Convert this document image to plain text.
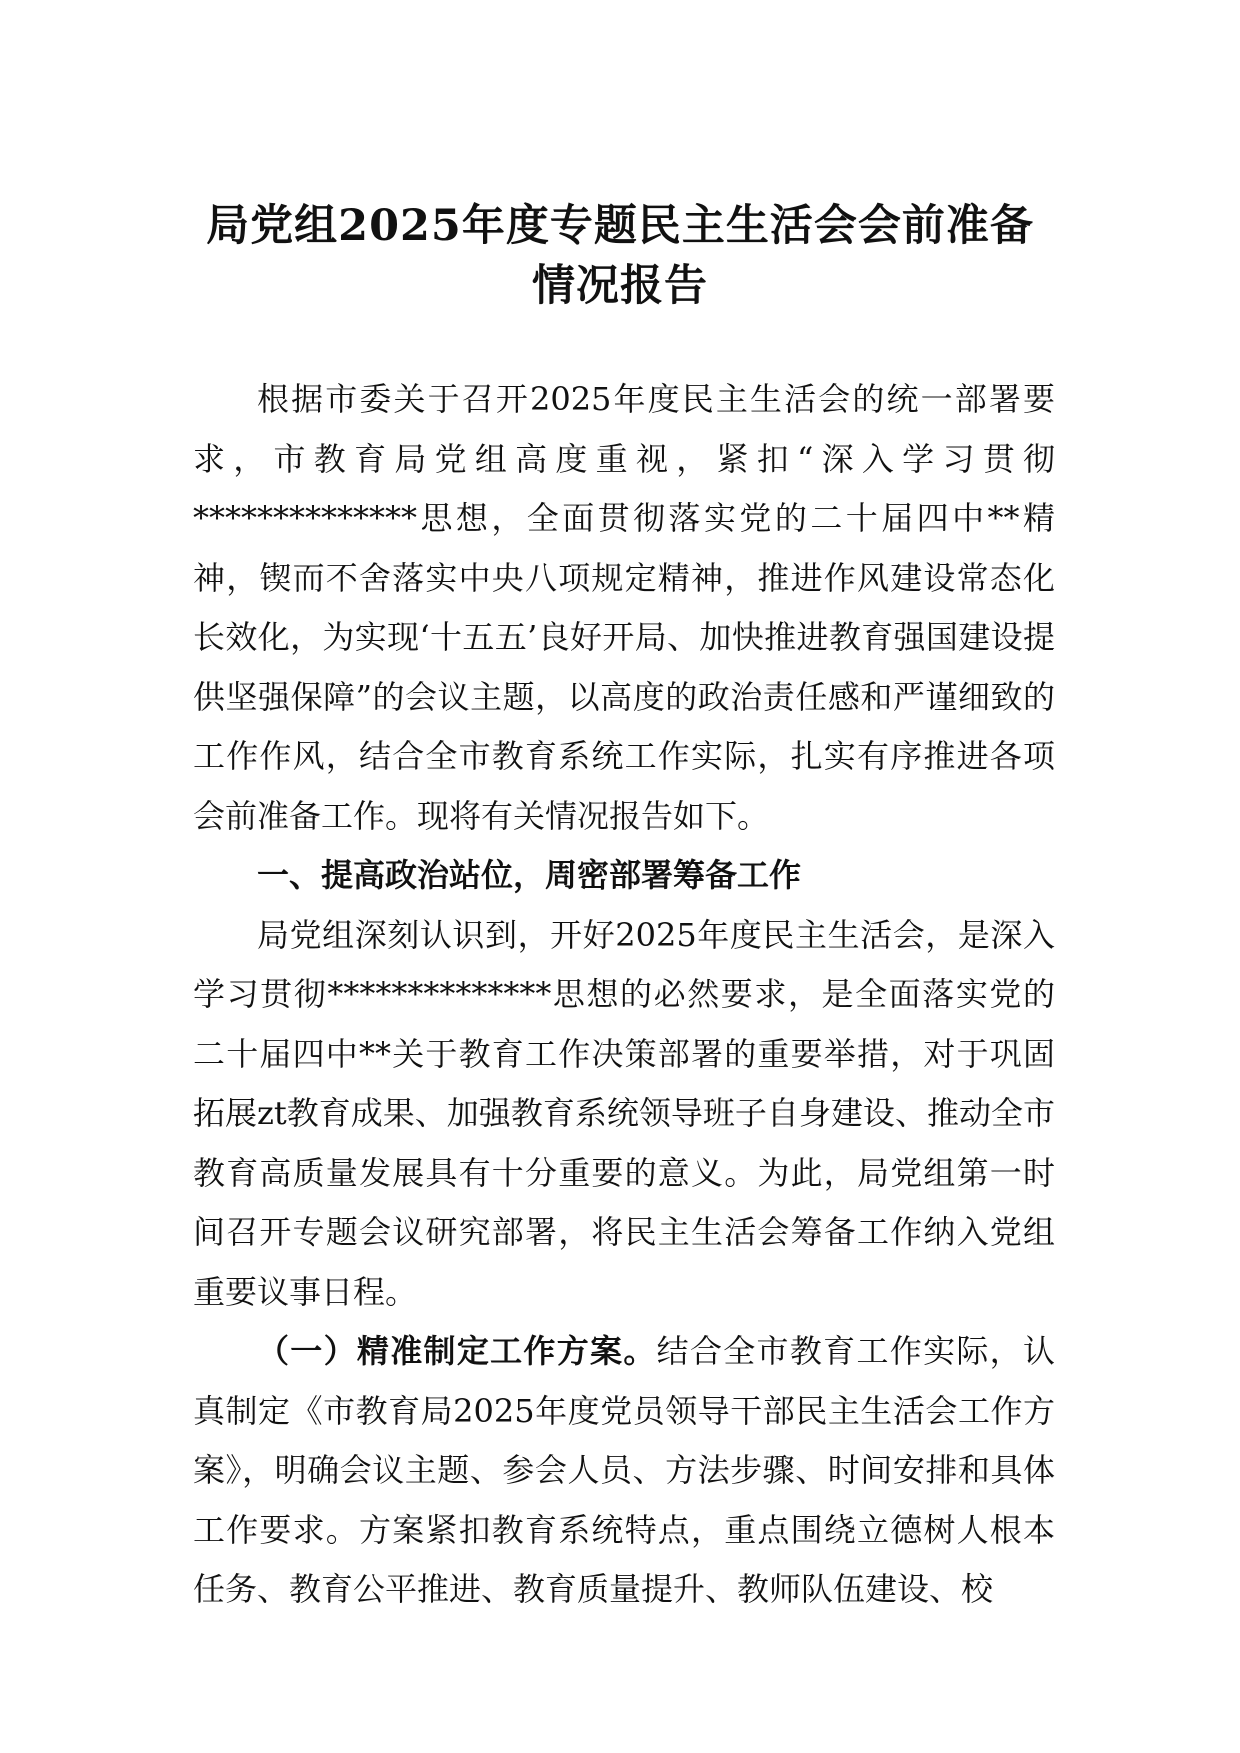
局党组2025年度专题民主生活会会前准备
情况报告

根据市委关于召开2025年度民主生活会的统一部署要求，市教育局党组高度重视，紧扣“深入学习贯彻**************思想，全面贯彻落实党的二十届四中**精神，锲而不舍落实中央八项规定精神，推进作风建设常态化长效化，为实现‘十五五’良好开局、加快推进教育强国建设提供坚强保障”的会议主题，以高度的政治责任感和严谨细致的工作作风，结合全市教育系统工作实际，扎实有序推进各项会前准备工作。现将有关情况报告如下。

一、提高政治站位，周密部署筹备工作

局党组深刻认识到，开好2025年度民主生活会，是深入学习贯彻**************思想的必然要求，是全面落实党的二十届四中**关于教育工作决策部署的重要举措，对于巩固拓展zt教育成果、加强教育系统领导班子自身建设、推动全市教育高质量发展具有十分重要的意义。为此，局党组第一时间召开专题会议研究部署，将民主生活会筹备工作纳入党组重要议事日程。

（一）精准制定工作方案。结合全市教育工作实际，认真制定《市教育局2025年度党员领导干部民主生活会工作方案》，明确会议主题、参会人员、方法步骤、时间安排和具体工作要求。方案紧扣教育系统特点，重点围绕立德树人根本任务、教育公平推进、教育质量提升、教师队伍建设、校
